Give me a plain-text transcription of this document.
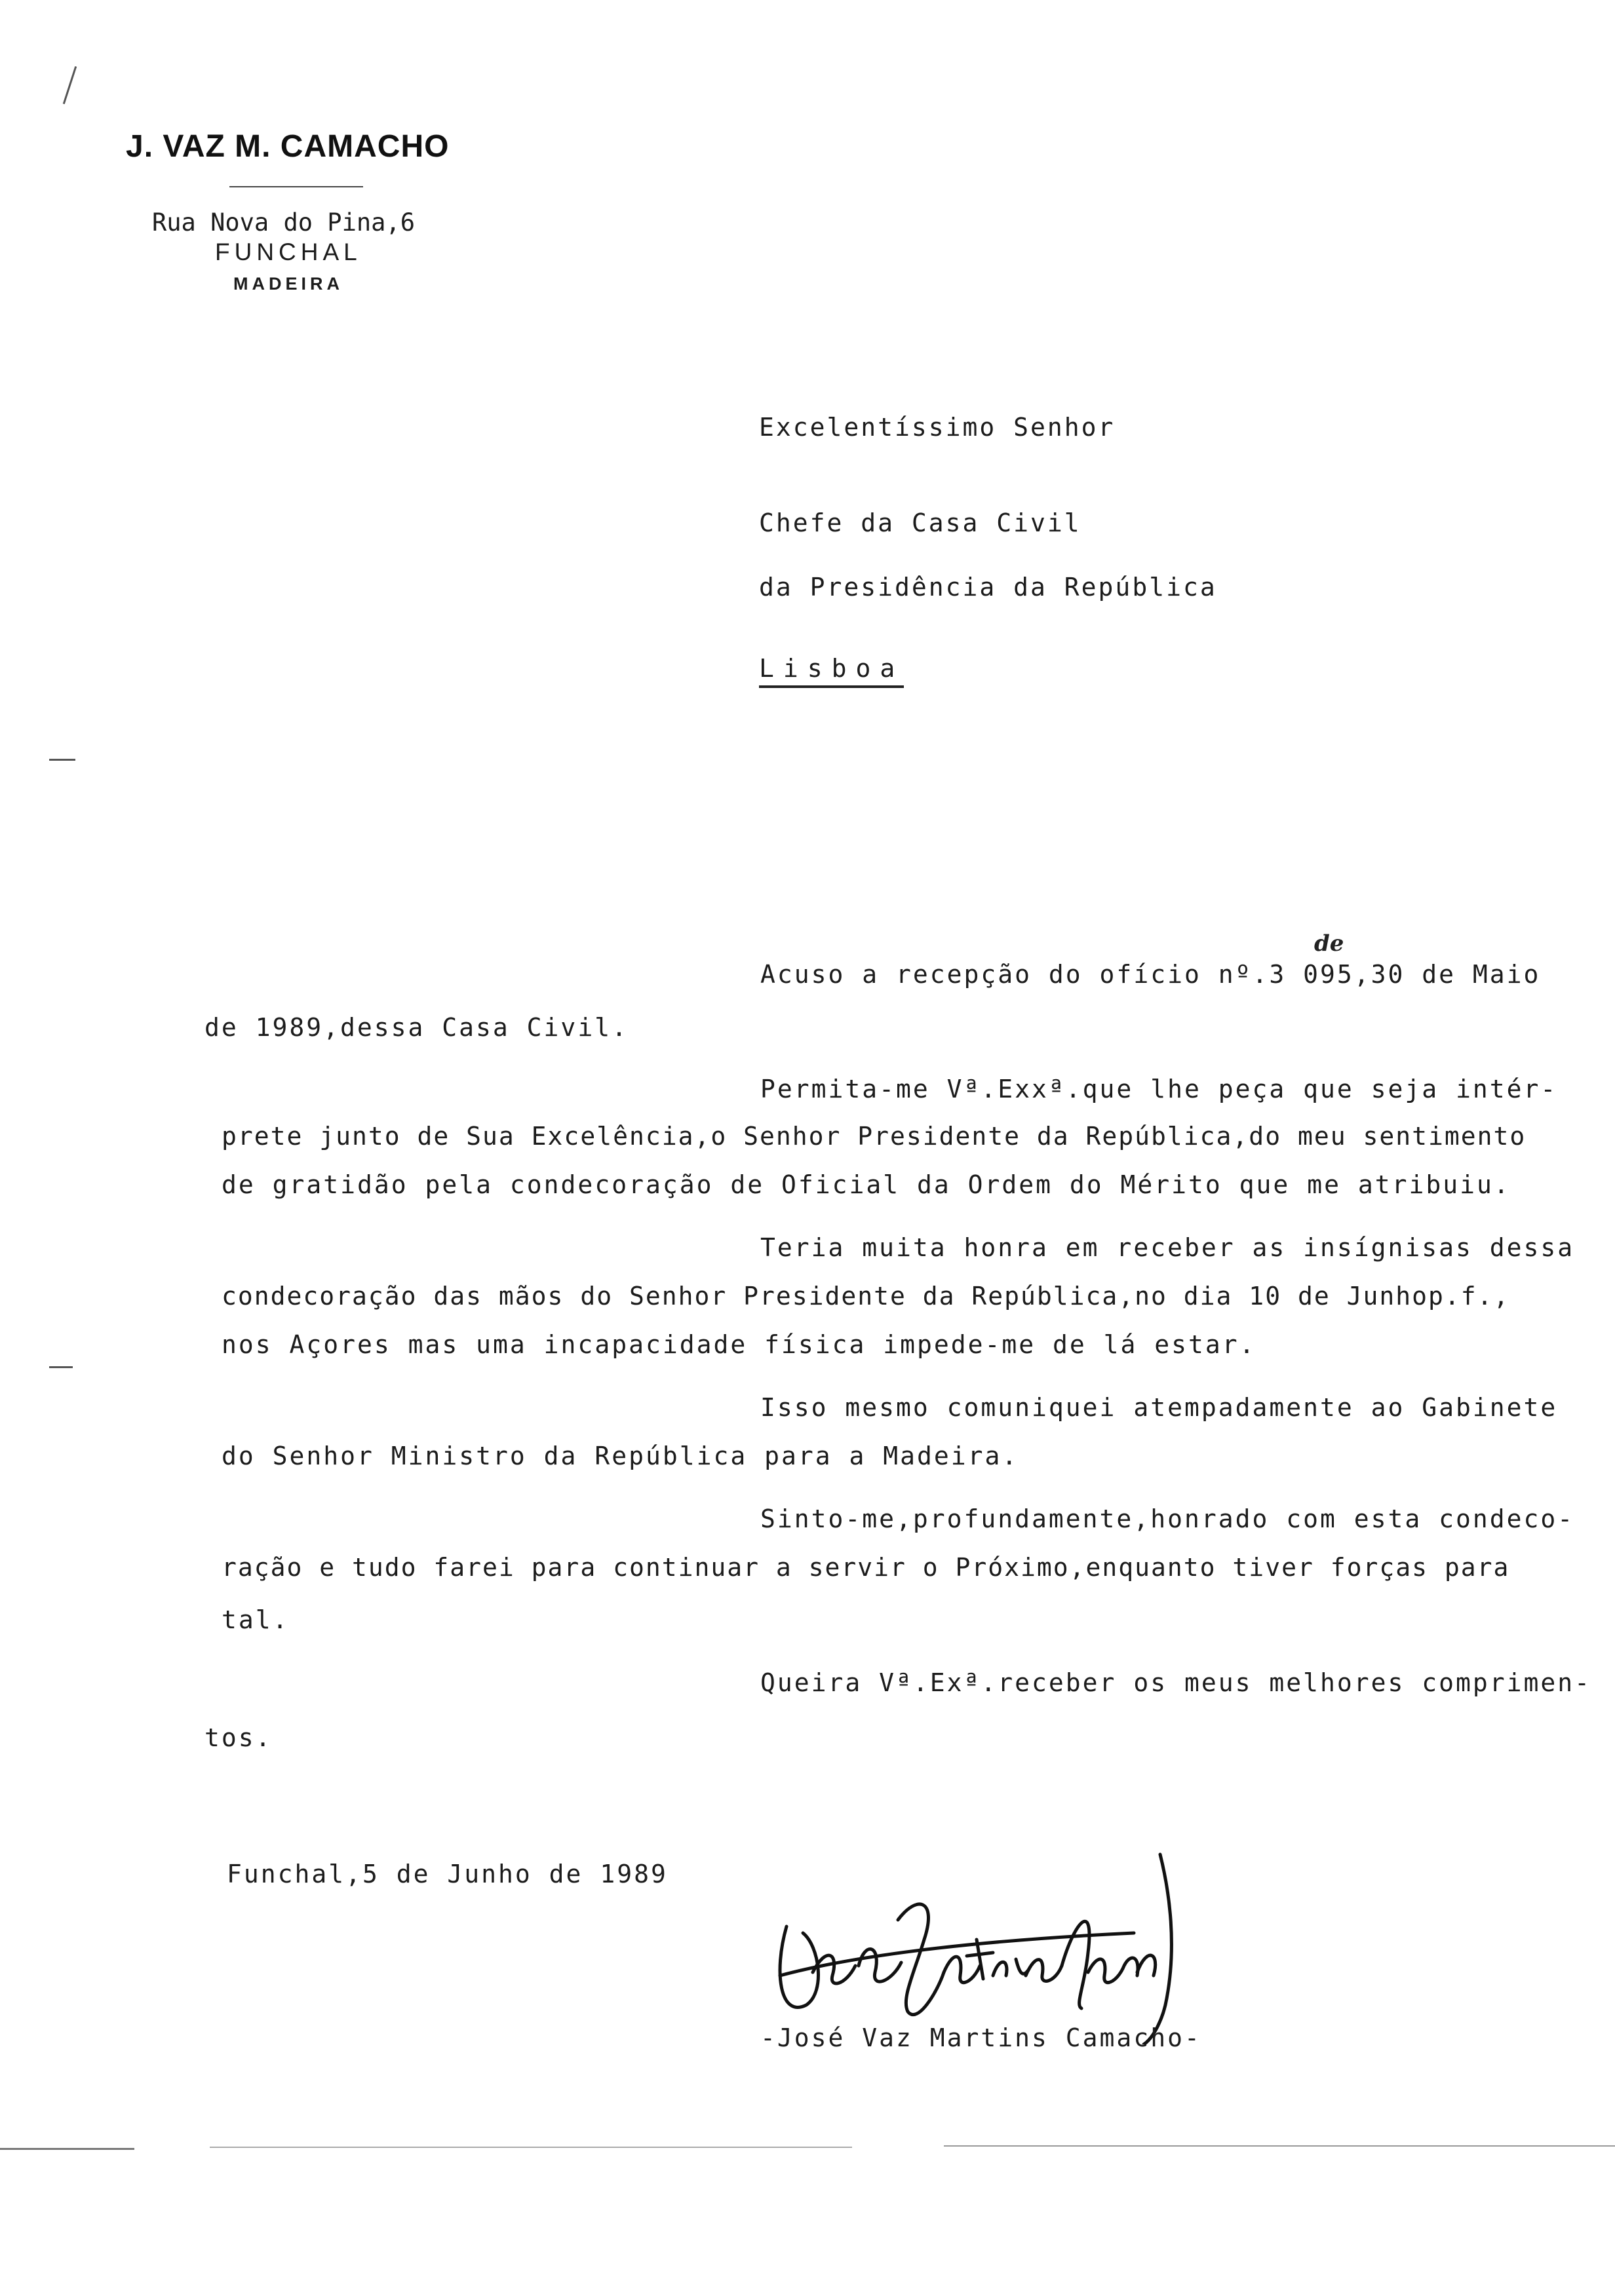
J. VAZ M. CAMACHO
Rua Nova do Pina,6
FUNCHAL
MADEIRA
Excelentíssimo Senhor
Chefe da Casa Civil
da Presidência da República
Lisboa
Acuso a recepção do ofício nº.3 095,30 de Maio
de
de 1989,dessa Casa Civil.
Permita-me Vª.Exxª.que lhe peça que seja intér-
prete junto de Sua Excelência,o Senhor Presidente da República,do meu sentimento
de gratidão pela condecoração de Oficial da Ordem do Mérito que me atribuiu.
Teria muita honra em receber as insígnisas dessa
condecoração das mãos do Senhor Presidente da República,no dia 10 de Junhop.f.,
nos Açores mas uma incapacidade física impede-me de lá estar.
Isso mesmo comuniquei atempadamente ao Gabinete
do Senhor Ministro da República para a Madeira.
Sinto-me,profundamente,honrado com esta condeco-
ração e tudo farei para continuar a servir o Próximo,enquanto tiver forças para
tal.
Queira Vª.Exª.receber os meus melhores comprimen-
tos.
Funchal,5 de Junho de 1989
-José Vaz Martins Camacho-
